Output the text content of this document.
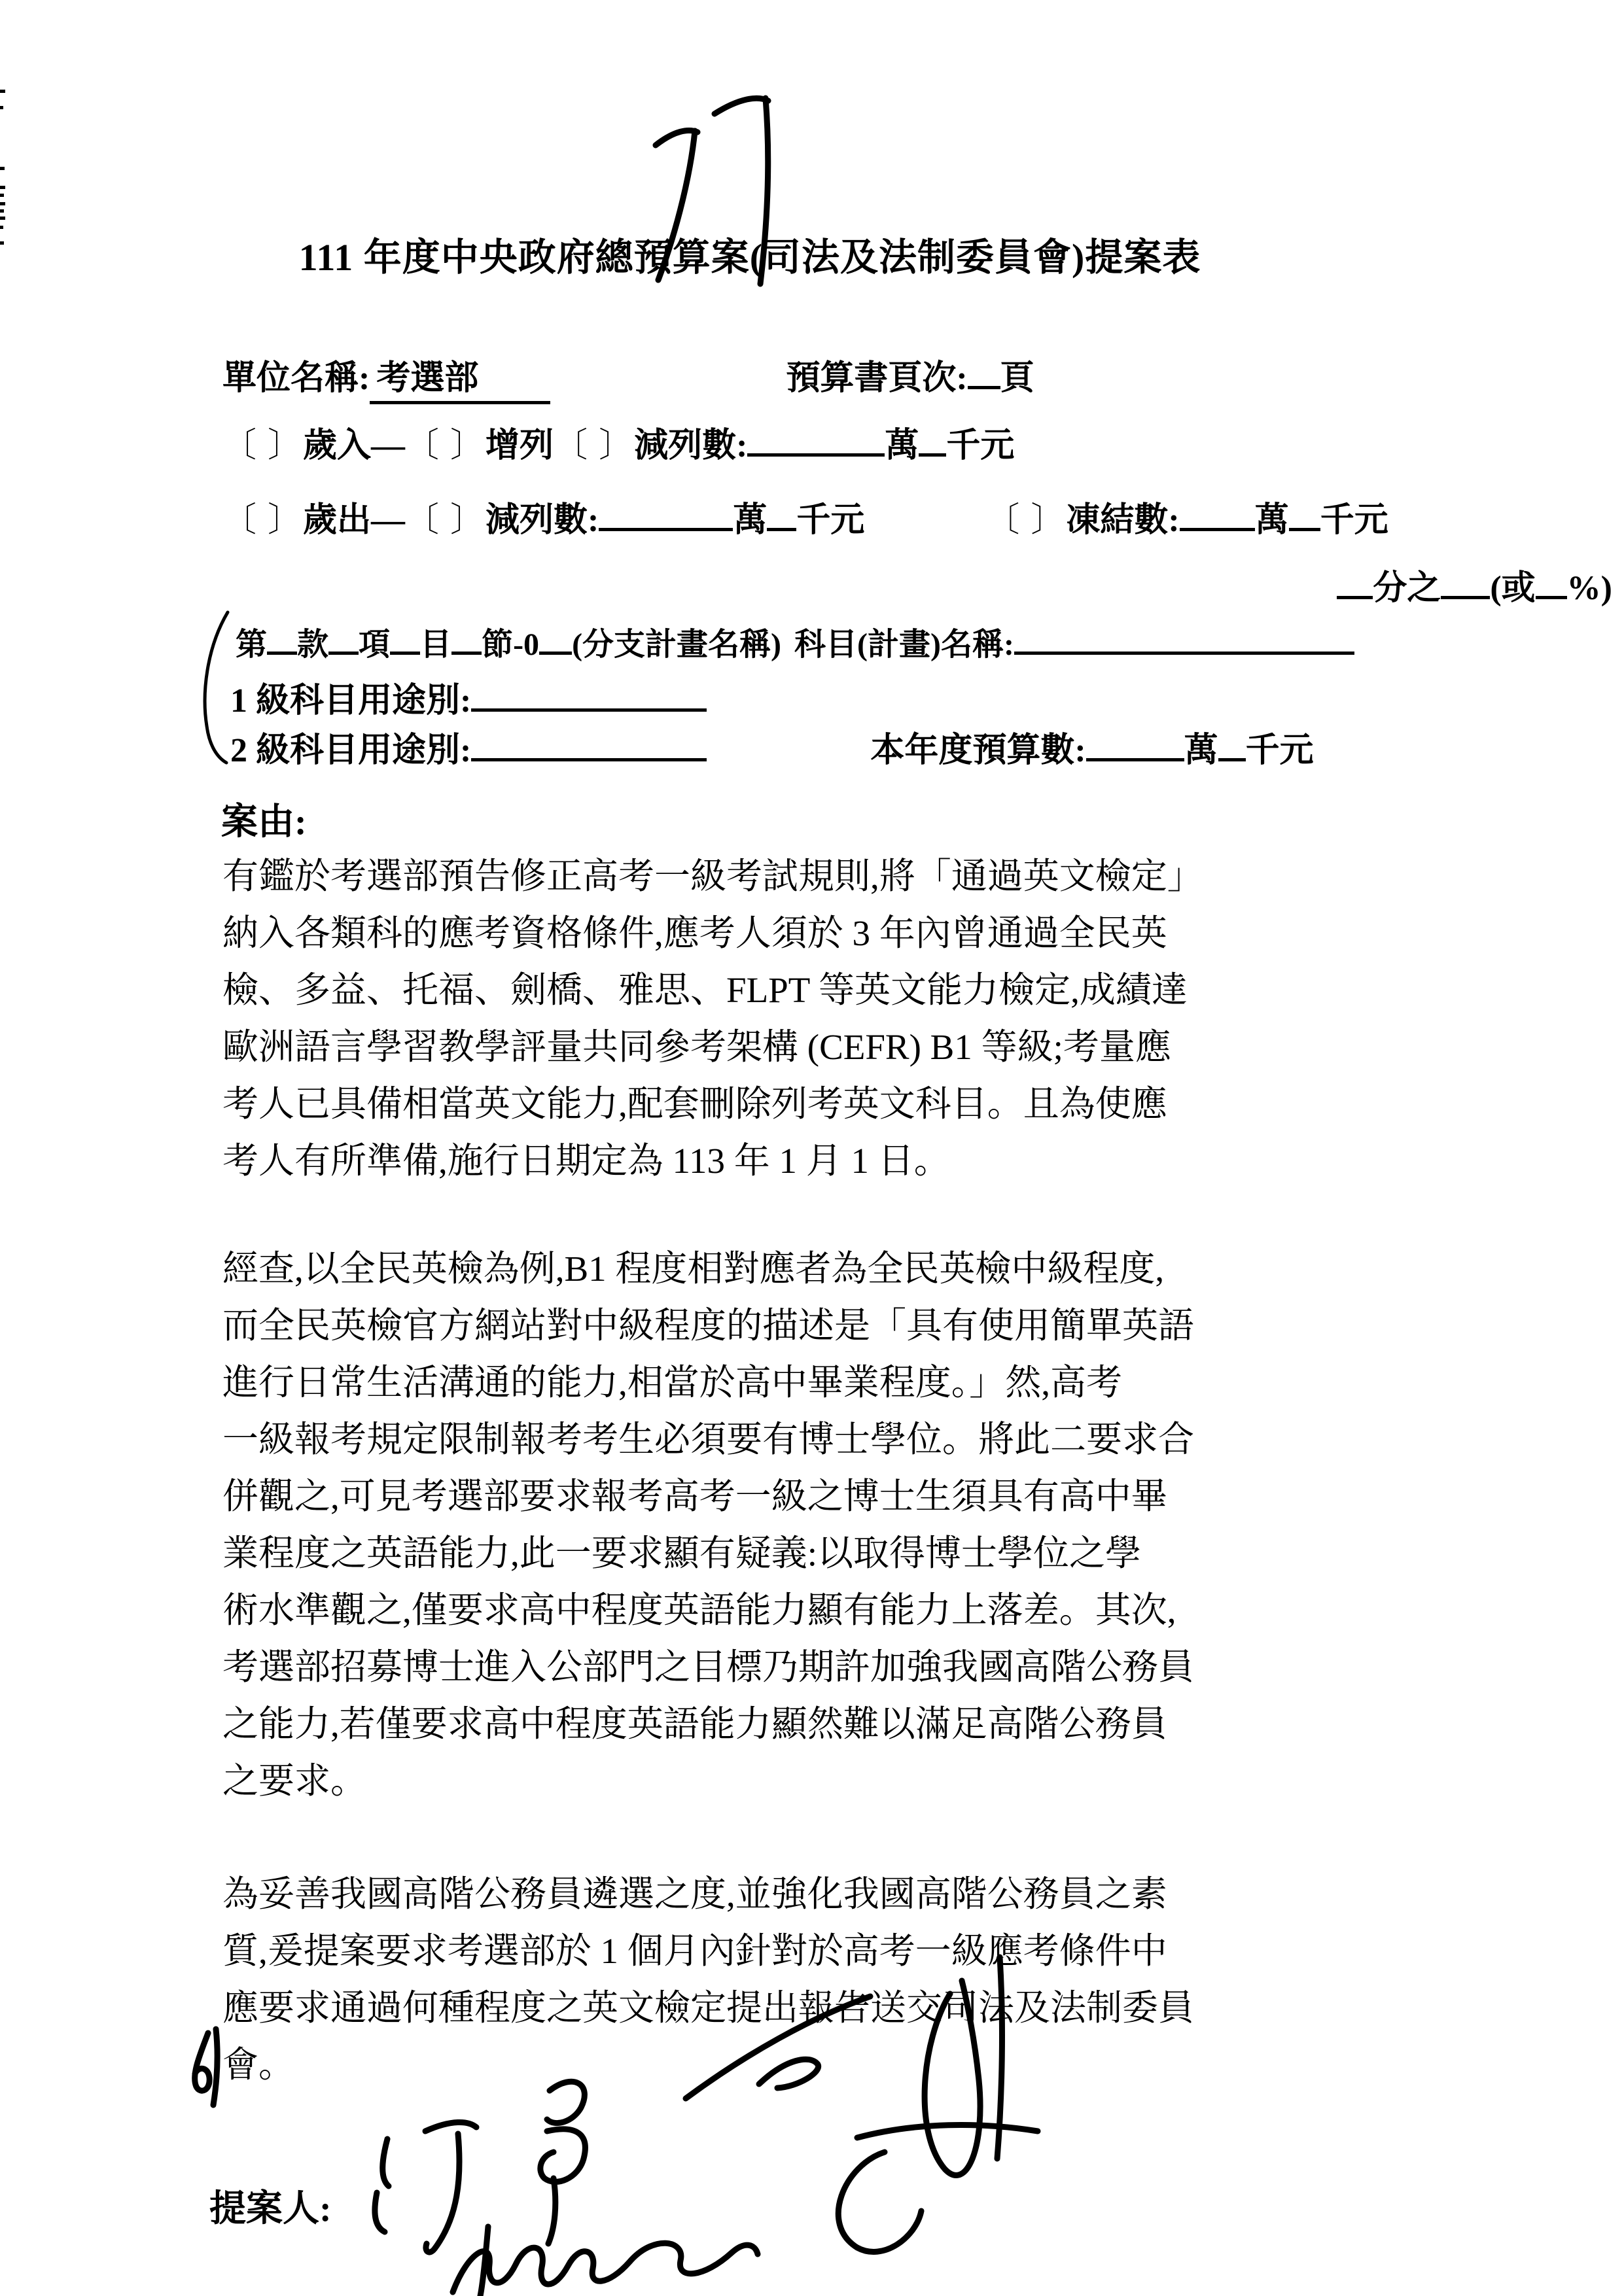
111 年度中央政府總預算案(司法及法制委員會)提案表
單位名稱: 考選部	預算書頁次: 頁
〔 〕歲入—〔 〕增列〔 〕減列數:	萬 千元
〔 〕歲出—〔 〕減列數:	萬 千元	〔 〕凍結數: 萬 千元
分之 (或 %)
第 款 項 目 節-0 (分支計畫名稱) 科目(計畫)名稱:
1 級科目用途別:
2 級科目用途別:	本年度預算數:	萬 千元
案由:
有鑑於考選部預告修正高考一級考試規則,將「通過英文檢定」
納入各類科的應考資格條件,應考人須於 3 年內曾通過全民英
檢、多益、托福、劍橋、雅思、FLPT 等英文能力檢定,成績達
歐洲語言學習教學評量共同參考架構 (CEFR) B1 等級;考量應
考人已具備相當英文能力,配套刪除列考英文科目。且為使應
考人有所準備,施行日期定為 113 年 1 月 1 日。
經查,以全民英檢為例,B1 程度相對應者為全民英檢中級程度,
而全民英檢官方網站對中級程度的描述是「具有使用簡單英語
進行日常生活溝通的能力,相當於高中畢業程度。」然,高考
一級報考規定限制報考考生必須要有博士學位。將此二要求合
併觀之,可見考選部要求報考高考一級之博士生須具有高中畢
業程度之英語能力,此一要求顯有疑義:以取得博士學位之學
術水準觀之,僅要求高中程度英語能力顯有能力上落差。其次,
考選部招募博士進入公部門之目標乃期許加強我國高階公務員
之能力,若僅要求高中程度英語能力顯然難以滿足高階公務員
之要求。
為妥善我國高階公務員遴選之度,並強化我國高階公務員之素
質,爰提案要求考選部於 1 個月內針對於高考一級應考條件中
應要求通過何種程度之英文檢定提出報告送交司法及法制委員
會。
提案人:
